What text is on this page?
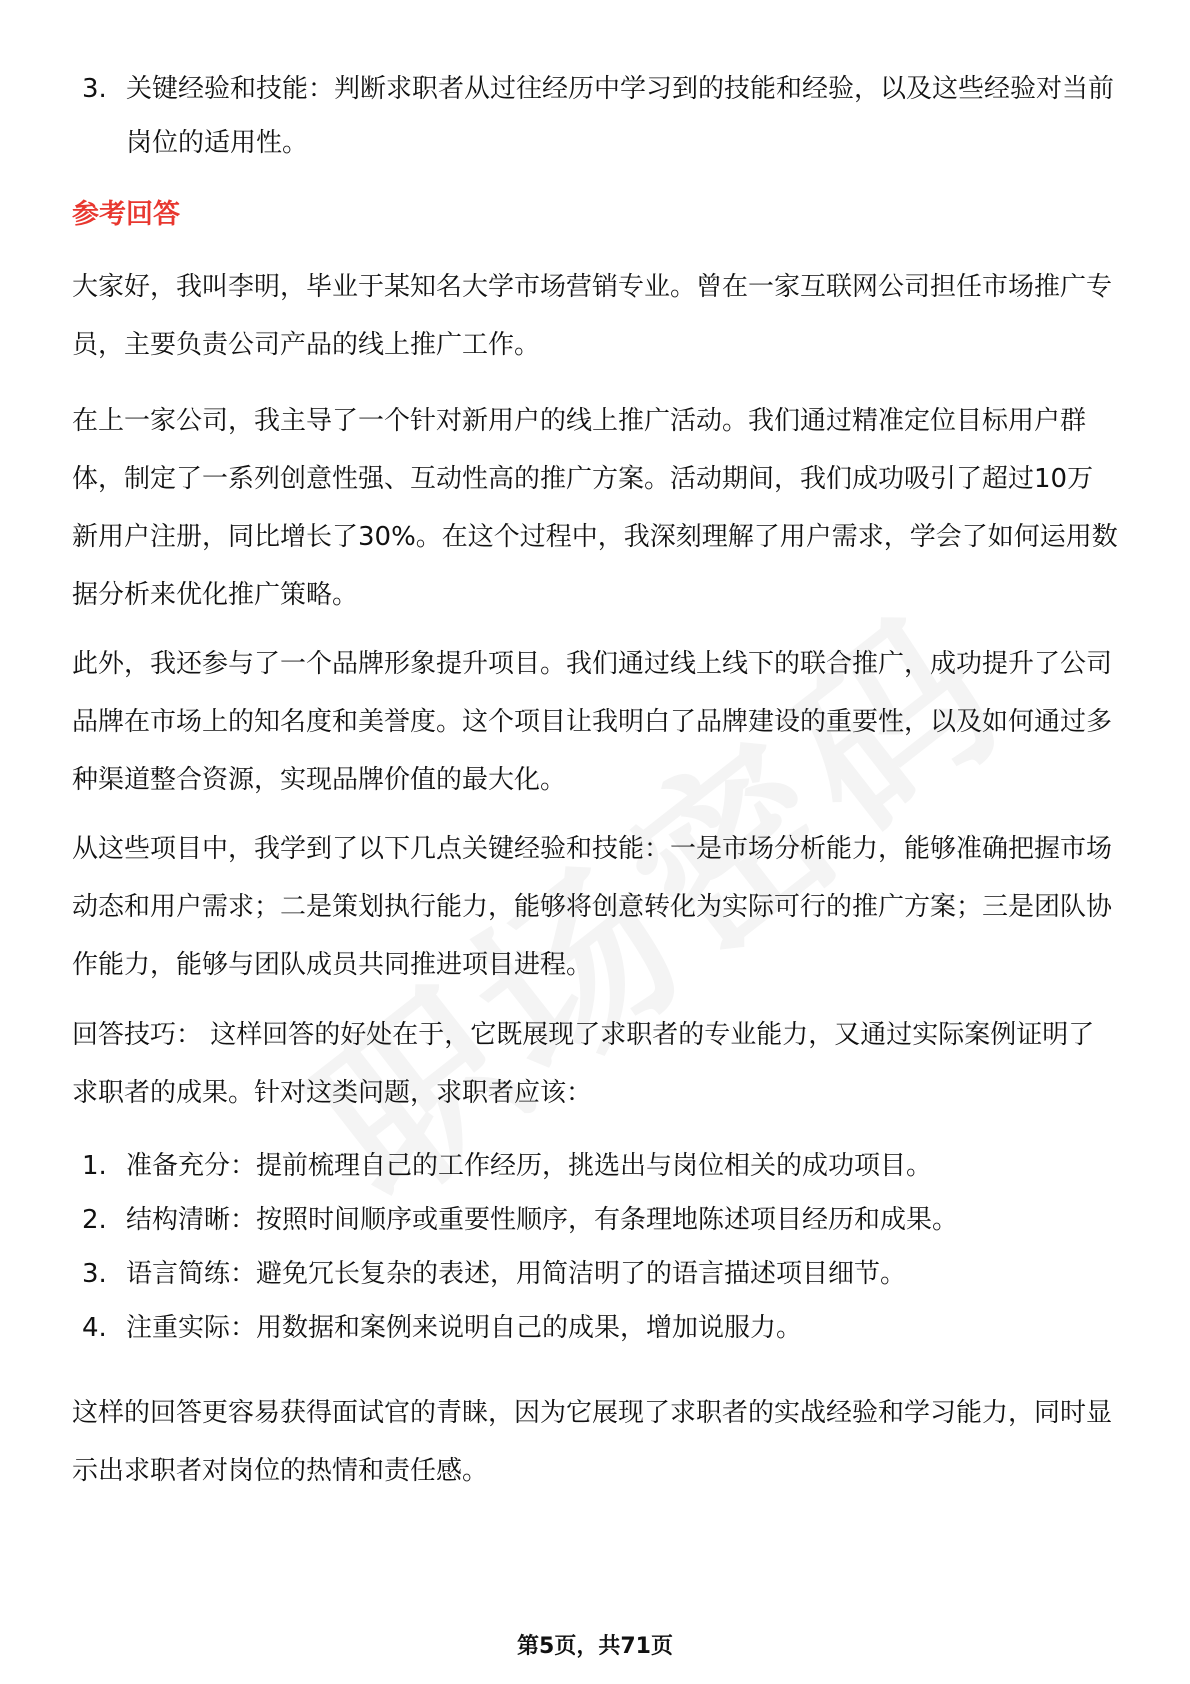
3. 关键经验和技能：判断求职者从过往经历中学习到的技能和经验，以及这些经验对当前岗位的适用性。
参考回答

大家好，我叫李明，毕业于某知名大学市场营销专业。曾在一家互联网公司担任市场推广专员，主要负责公司产品的线上推广工作。

在上一家公司，我主导了一个针对新用户的线上推广活动。我们通过精准定位目标用户群体，制定了一系列创意性强、互动性高的推广方案。活动期间，我们成功吸引了超过10万新用户注册，同比增长了30%。在这个过程中，我深刻理解了用户需求，学会了如何运用数据分析来优化推广策略。

此外，我还参与了一个品牌形象提升项目。我们通过线上线下的联合推广，成功提升了公司品牌在市场上的知名度和美誉度。这个项目让我明白了品牌建设的重要性，以及如何通过多种渠道整合资源，实现品牌价值的最大化。

从这些项目中，我学到了以下几点关键经验和技能：一是市场分析能力，能够准确把握市场动态和用户需求；二是策划执行能力，能够将创意转化为实际可行的推广方案；三是团队协作能力，能够与团队成员共同推进项目进程。

回答技巧： 这样回答的好处在于，它既展现了求职者的专业能力，又通过实际案例证明了求职者的成果。针对这类问题，求职者应该：

1. 准备充分：提前梳理自己的工作经历，挑选出与岗位相关的成功项目。
2. 结构清晰：按照时间顺序或重要性顺序，有条理地陈述项目经历和成果。
3. 语言简练：避免冗长复杂的表述，用简洁明了的语言描述项目细节。
4. 注重实际：用数据和案例来说明自己的成果，增加说服力。

这样的回答更容易获得面试官的青睐，因为它展现了求职者的实战经验和学习能力，同时显示出求职者对岗位的热情和责任感。

第5页，共71页
